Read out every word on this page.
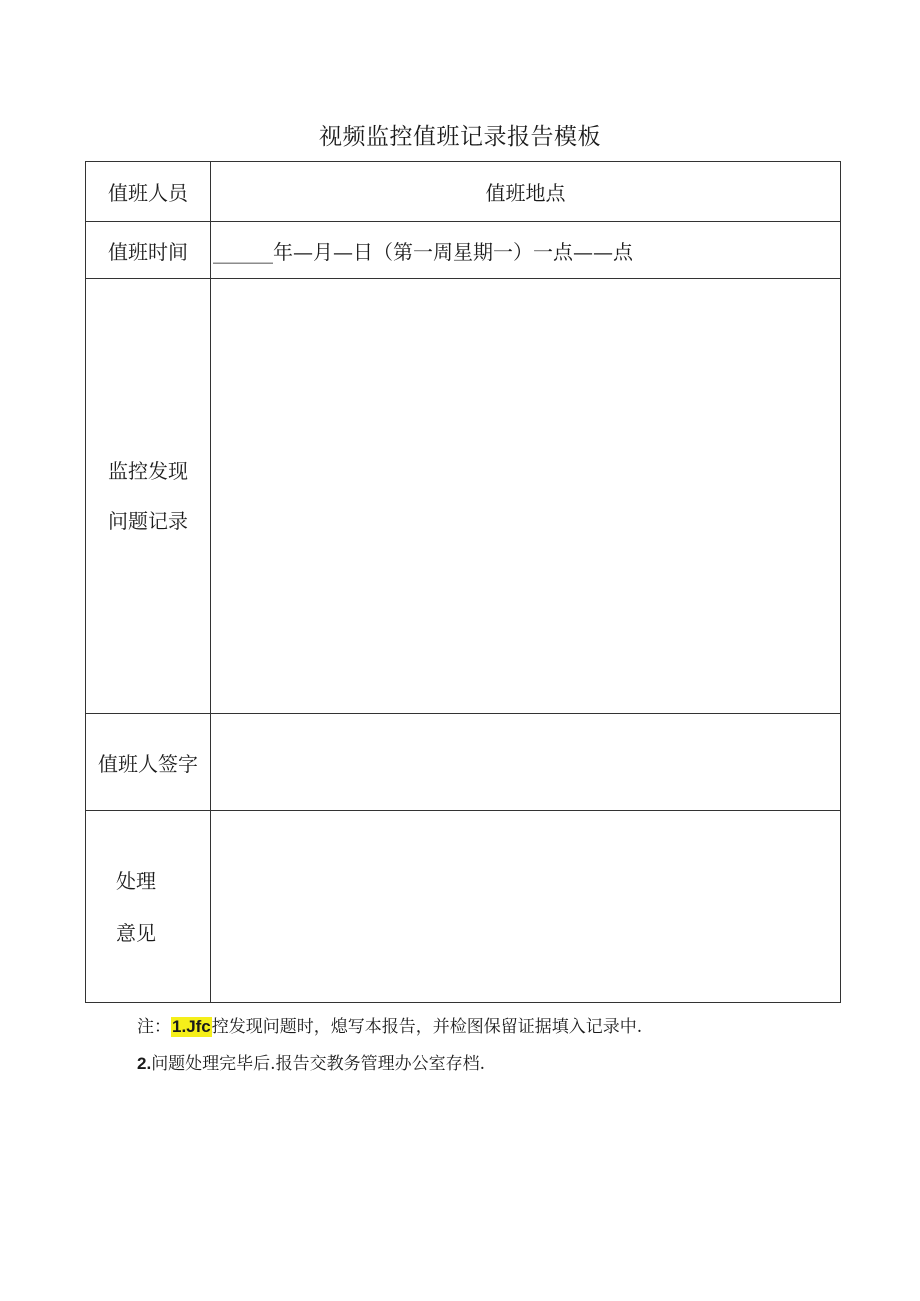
视频监控值班记录报告模板
值班人员	值班地点
值班时间	______年—月—日（第一周星期一）一点——点

监控发现
问题记录	

值班人签字	

处理
意见	

注：1.Jfc控发现问题时，熄写本报告，并检图保留证据填入记录中.
2.问题处理完毕后.报告交教务管理办公室存档.
